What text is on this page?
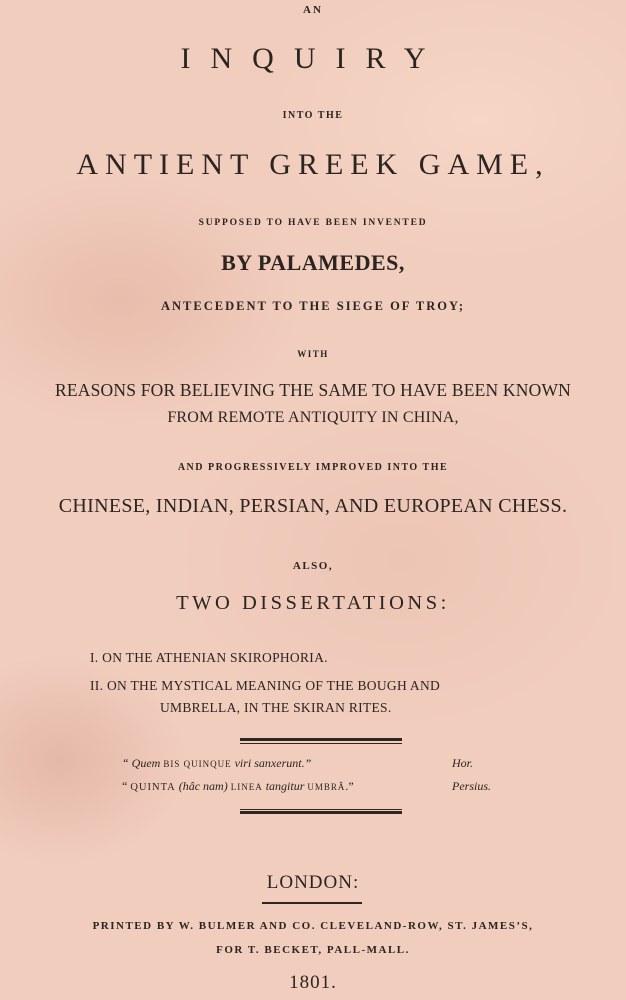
AN

INQUIRY

INTO THE

ANTIENT GREEK GAME,

SUPPOSED TO HAVE BEEN INVENTED

BY PALAMEDES,

ANTECEDENT TO THE SIEGE OF TROY;

WITH

REASONS FOR BELIEVING THE SAME TO HAVE BEEN KNOWN

FROM REMOTE ANTIQUITY IN CHINA,

AND PROGRESSIVELY IMPROVED INTO THE

CHINESE, INDIAN, PERSIAN, AND EUROPEAN CHESS.

ALSO,

TWO DISSERTATIONS:

I. ON THE ATHENIAN SKIROPHORIA.

II. ON THE MYSTICAL MEANING OF THE BOUGH AND

UMBRELLA, IN THE SKIRAN RITES.

“ Quem BIS QUINQUE viri sanxerunt.”	Hor.
“ QUINTA (hâc nam) LINEA tangitur UMBRÂ.”	Persius.

LONDON:

PRINTED BY W. BULMER AND CO. CLEVELAND-ROW, ST. JAMES’S,

FOR T. BECKET, PALL-MALL.

1801.
